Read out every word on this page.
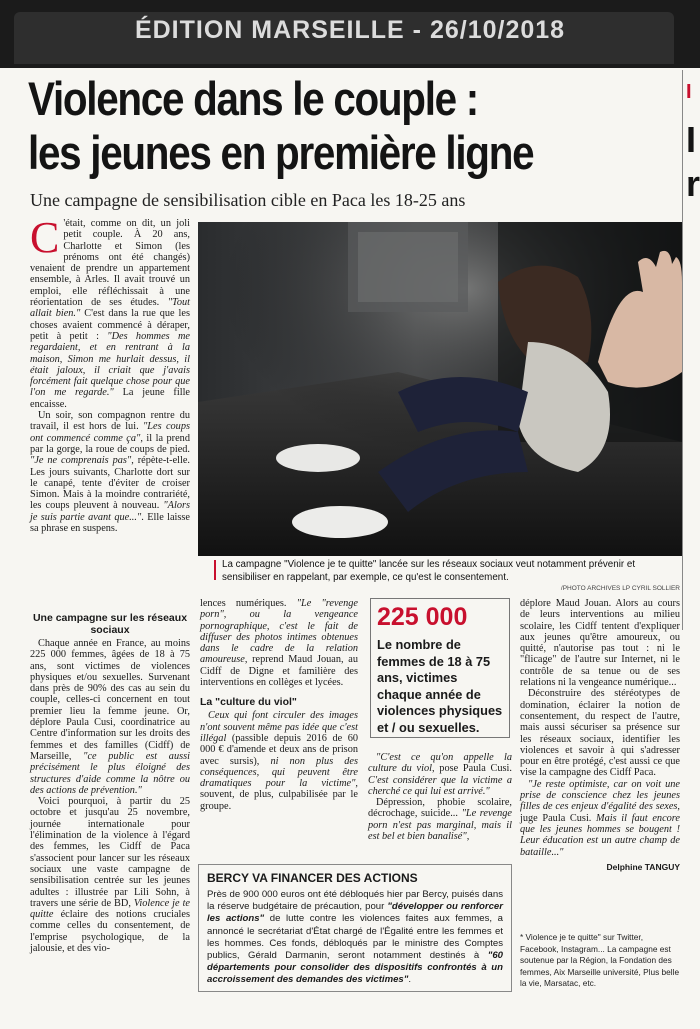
ÉDITION MARSEILLE - 26/10/2018
Violence dans le couple :
les jeunes en première ligne
Une campagne de sensibilisation cible en Paca les 18-25 ans
I
I
r

C 'était, comme on dit, un joli petit couple. À 20 ans, Charlotte et Simon (les prénoms ont été changés) venaient de prendre un appartement ensemble, à Arles. Il avait trouvé un emploi, elle réfléchissait à une réorientation de ses études. "Tout allait bien." C'est dans la rue que les choses avaient commencé à déraper, petit à petit : "Des hommes me regardaient, et en rentrant à la maison, Simon me hurlait dessus, il était jaloux, il criait que j'avais forcément fait quelque chose pour que l'on me regarde." La jeune fille encaisse.

Un soir, son compagnon rentre du travail, il est hors de lui. "Les coups ont commencé comme ça", il la prend par la gorge, la roue de coups de pied. "Je ne comprenais pas", répète-t-elle. Les jours suivants, Charlotte dort sur le canapé, tente d'éviter de croiser Simon. Mais à la moindre contrariété, les coups pleuvent à nouveau. "Alors je suis partie avant que...". Elle laisse sa phrase en suspens.

Une campagne sur les réseaux sociaux

Chaque année en France, au moins 225 000 femmes, âgées de 18 à 75 ans, sont victimes de violences physiques et/ou sexuelles. Survenant dans près de 90% des cas au sein du couple, celles-ci concernent en tout premier lieu la femme jeune. Or, déplore Paula Cusi, coordinatrice au Centre d'information sur les droits des femmes et des familles (Cidff) de Marseille, "ce public est aussi précisément le plus éloigné des structures d'aide comme la nôtre ou des actions de prévention."

Voici pourquoi, à partir du 25 octobre et jusqu'au 25 novembre, journée internationale pour l'élimination de la violence à l'égard des femmes, les Cidff de Paca s'associent pour lancer sur les réseaux sociaux une vaste campagne de sensibilisation centrée sur les jeunes adultes : illustrée par Lili Sohn, à travers une série de BD, Violence je te quitte éclaire des notions cruciales comme celles du consentement, de l'emprise psychologique, de la jalousie, et des vio-

La campagne "Violence je te quitte" lancée sur les réseaux sociaux veut notamment prévenir et sensibiliser en rappelant, par exemple, ce qu'est le consentement.
/PHOTO ARCHIVES LP CYRIL SOLLIER

lences numériques. "Le "revenge porn", ou la vengeance pornographique, c'est le fait de diffuser des photos intimes obtenues dans le cadre de la relation amoureuse, reprend Maud Jouan, au Cidff de Digne et familière des interventions en collèges et lycées.

La "culture du viol"

Ceux qui font circuler des images n'ont souvent même pas idée que c'est illégal (passible depuis 2016 de 60 000 € d'amende et deux ans de prison avec sursis), ni non plus des conséquences, qui peuvent être dramatiques pour la victime", souvent, de plus, culpabilisée par le groupe.

225 000
Le nombre de femmes de 18 à 75 ans, victimes chaque année de violences physiques et / ou sexuelles.

"C'est ce qu'on appelle la culture du viol, pose Paula Cusi. C'est considérer que la victime a cherché ce qui lui est arrivé."

Dépression, phobie scolaire, décrochage, suicide... "Le revenge porn n'est pas marginal, mais il est bel et bien banalisé",

déplore Maud Jouan. Alors au cours de leurs interventions au milieu scolaire, les Cidff tentent d'expliquer aux jeunes qu'être amoureux, ou quitté, n'autorise pas tout : ni le "flicage" de l'autre sur Internet, ni le contrôle de sa tenue ou de ses relations ni la vengeance numérique...

Déconstruire des stéréotypes de domination, éclairer la notion de consentement, du respect de l'autre, mais aussi sécuriser sa présence sur les réseaux sociaux, identifier les violences et savoir à qui s'adresser pour en être protégé, c'est aussi ce que vise la campagne des Cidff Paca.

"Je reste optimiste, car on voit une prise de conscience chez les jeunes filles de ces enjeux d'égalité des sexes, juge Paula Cusi. Mais il faut encore que les jeunes hommes se bougent ! Leur éducation est un autre champ de bataille..."

Delphine TANGUY
BERCY VA FINANCER DES ACTIONS
Près de 900 000 euros ont été débloqués hier par Bercy, puisés dans la réserve budgétaire de précaution, pour "développer ou renforcer les actions" de lutte contre les violences faites aux femmes, a annoncé le secrétariat d'État chargé de l'Égalité entre les femmes et les hommes. Ces fonds, débloqués par le ministre des Comptes publics, Gérald Darmanin, seront notamment destinés à "60 départements pour consolider des dispositifs confrontés à un accroissement des demandes des victimes".
* Violence je te quitte" sur Twitter, Facebook, Instagram... La campagne est soutenue par la Région, la Fondation des femmes, Aix Marseille université, Plus belle la vie, Marsatac, etc.
